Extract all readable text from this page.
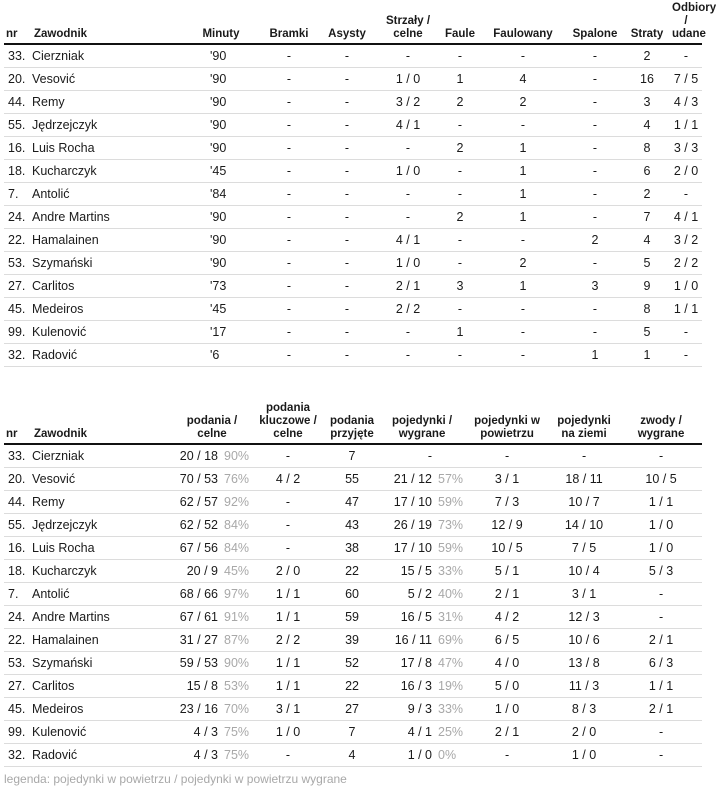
nr	Zawodnik	Minuty	Bramki	Asysty	Strzały / celne	Faule	Faulowany	Spalone	Straty	Odbiory / udane
33.	Cierzniak	'90	-	-	-	-	-	-	2	-
20.	Vesović	'90	-	-	1 / 0	1	4	-	16	7 / 5
44.	Remy	'90	-	-	3 / 2	2	2	-	3	4 / 3
55.	Jędrzejczyk	'90	-	-	4 / 1	-	-	-	4	1 / 1
16.	Luis Rocha	'90	-	-	-	2	1	-	8	3 / 3
18.	Kucharczyk	'45	-	-	1 / 0	-	1	-	6	2 / 0
7.	Antolić	'84	-	-	-	-	1	-	2	-
24.	Andre Martins	'90	-	-	-	2	1	-	7	4 / 1
22.	Hamalainen	'90	-	-	4 / 1	-	-	2	4	3 / 2
53.	Szymański	'90	-	-	1 / 0	-	2	-	5	2 / 2
27.	Carlitos	'73	-	-	2 / 1	3	1	3	9	1 / 0
45.	Medeiros	'45	-	-	2 / 2	-	-	-	8	1 / 1
99.	Kulenović	'17	-	-	-	1	-	-	5	-
32.	Radović	'6	-	-	-	-	-	1	1	-
nr	Zawodnik	podania / celne		podania kluczowe / celne	podania przyjęte	pojedynki / wygrane		pojedynki w powietrzu	pojedynki na ziemi	zwody / wygrane
33.	Cierzniak	20 / 18	90%	-	7	-		-	-	-
20.	Vesović	70 / 53	76%	4 / 2	55	21 / 12	57%	3 / 1	18 / 11	10 / 5
44.	Remy	62 / 57	92%	-	47	17 / 10	59%	7 / 3	10 / 7	1 / 1
55.	Jędrzejczyk	62 / 52	84%	-	43	26 / 19	73%	12 / 9	14 / 10	1 / 0
16.	Luis Rocha	67 / 56	84%	-	38	17 / 10	59%	10 / 5	7 / 5	1 / 0
18.	Kucharczyk	20 / 9	45%	2 / 0	22	15 / 5	33%	5 / 1	10 / 4	5 / 3
7.	Antolić	68 / 66	97%	1 / 1	60	5 / 2	40%	2 / 1	3 / 1	-
24.	Andre Martins	67 / 61	91%	1 / 1	59	16 / 5	31%	4 / 2	12 / 3	-
22.	Hamalainen	31 / 27	87%	2 / 2	39	16 / 11	69%	6 / 5	10 / 6	2 / 1
53.	Szymański	59 / 53	90%	1 / 1	52	17 / 8	47%	4 / 0	13 / 8	6 / 3
27.	Carlitos	15 / 8	53%	1 / 1	22	16 / 3	19%	5 / 0	11 / 3	1 / 1
45.	Medeiros	23 / 16	70%	3 / 1	27	9 / 3	33%	1 / 0	8 / 3	2 / 1
99.	Kulenović	4 / 3	75%	1 / 0	7	4 / 1	25%	2 / 1	2 / 0	-
32.	Radović	4 / 3	75%	-	4	1 / 0	0%	-	1 / 0	-
legenda: pojedynki w powietrzu / pojedynki w powietrzu wygrane
